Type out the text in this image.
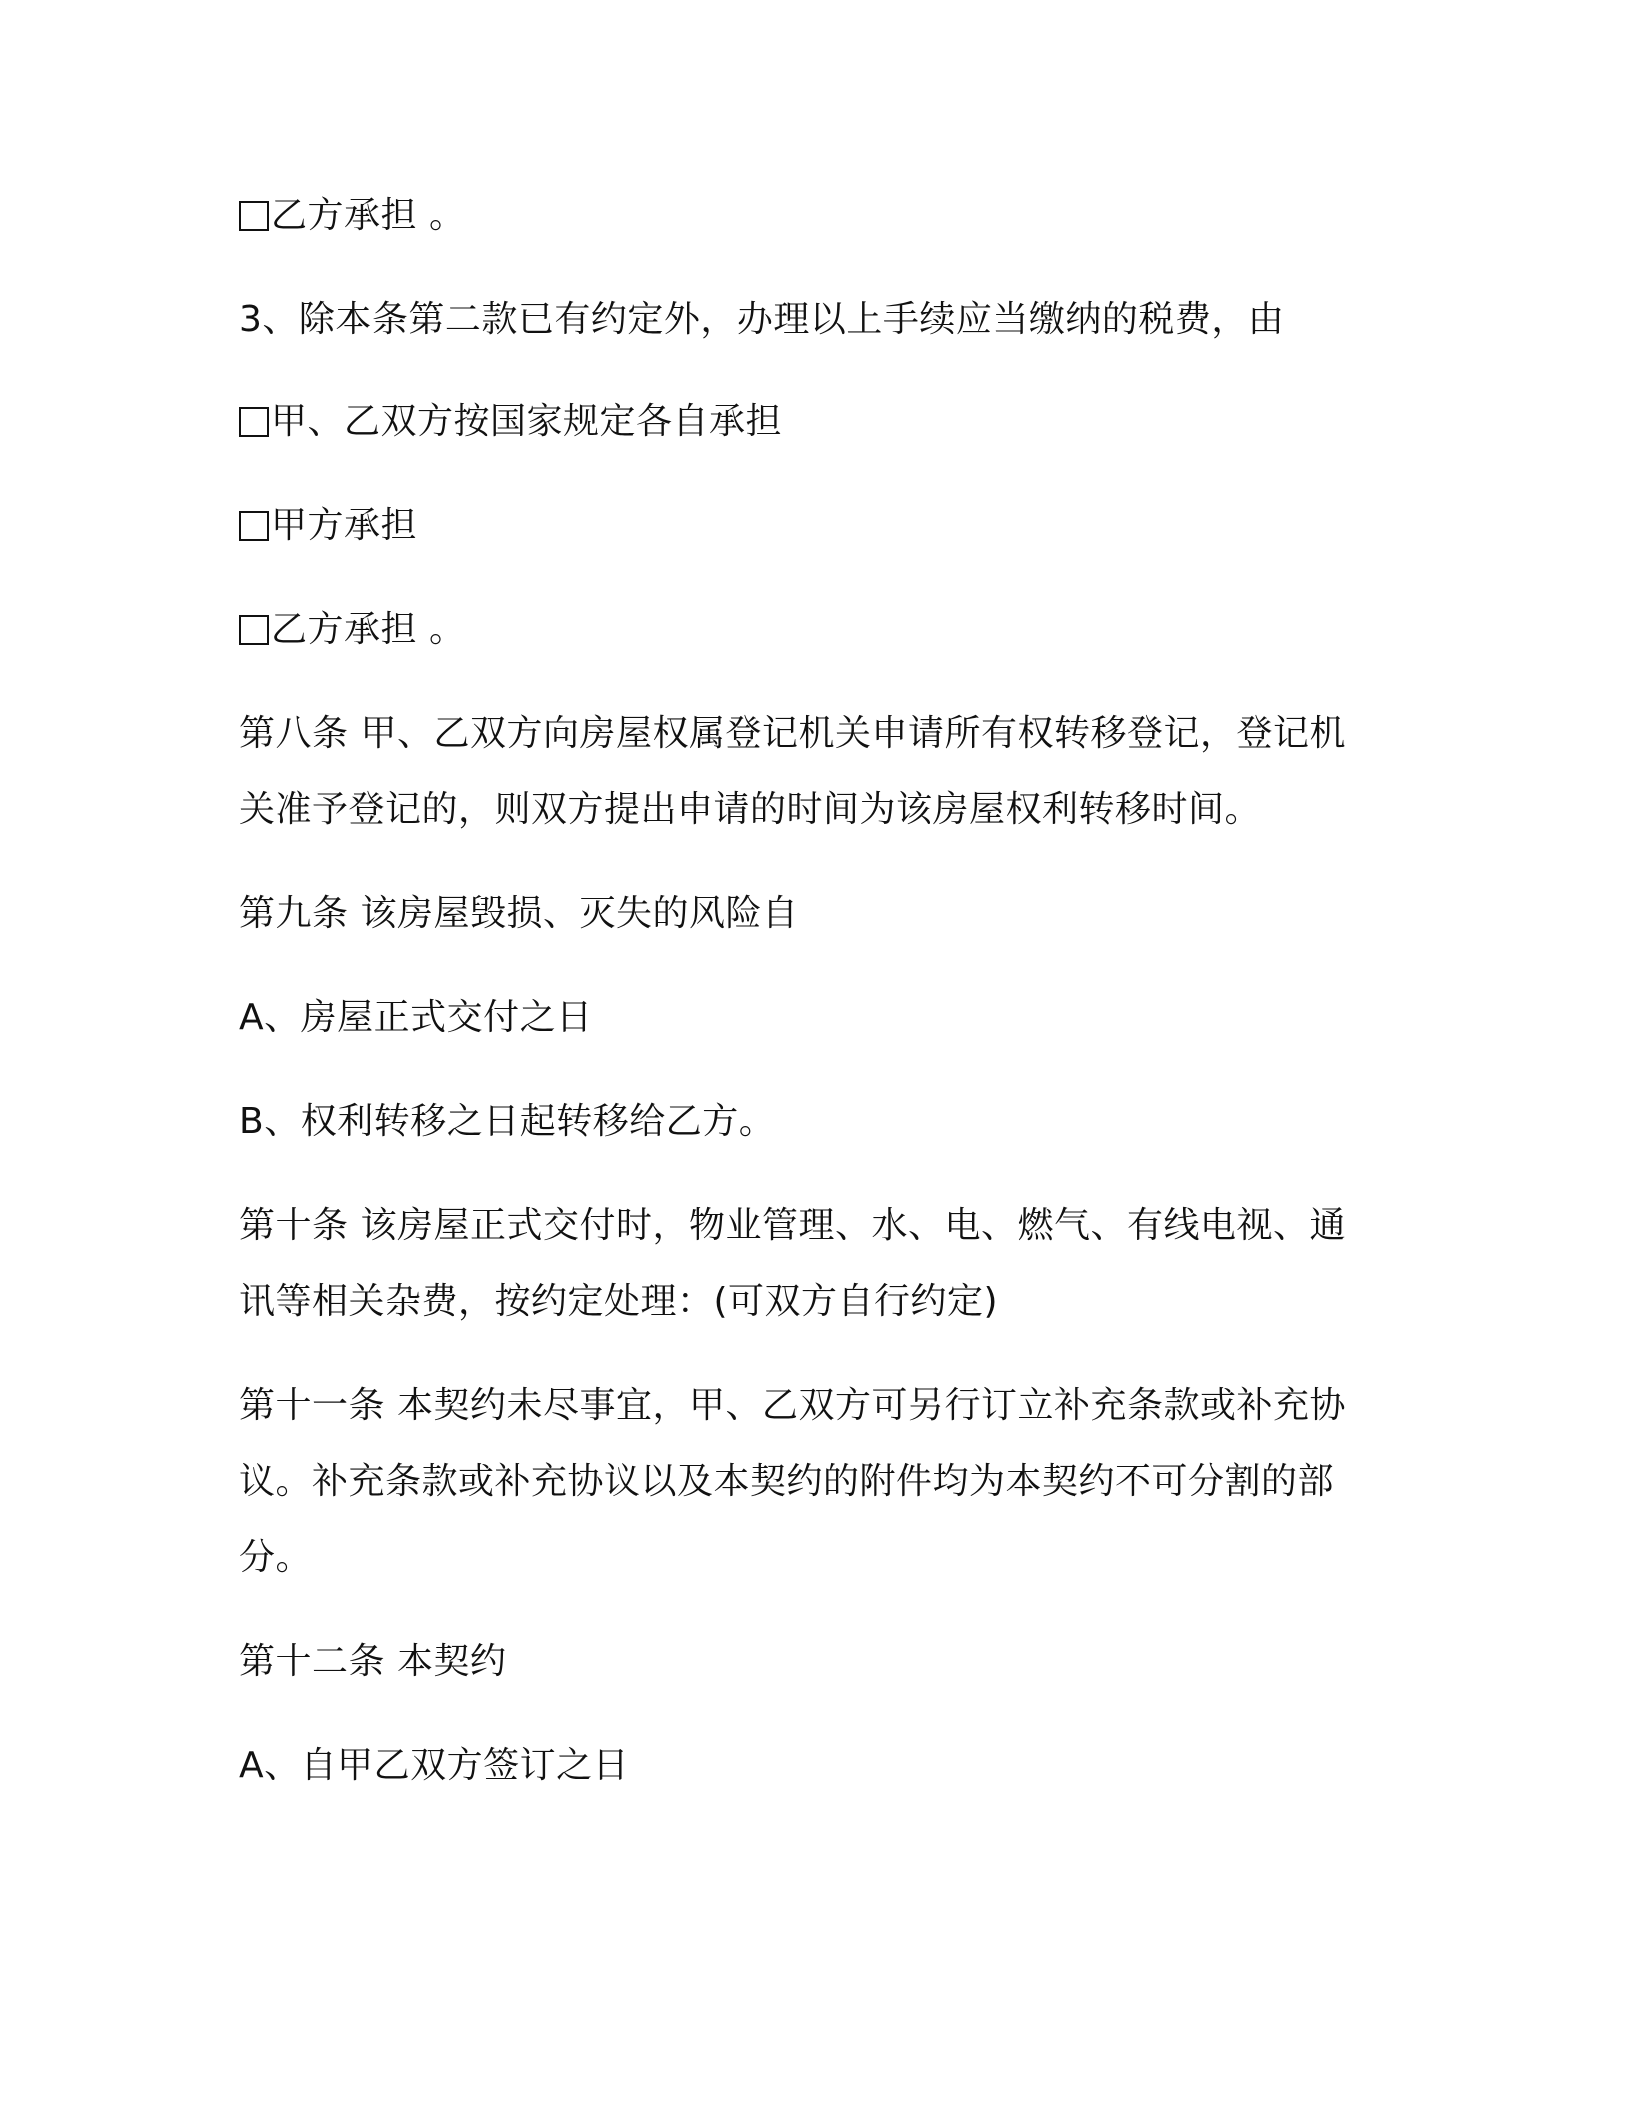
乙方承担 。
3、除本条第二款已有约定外，办理以上手续应当缴纳的税费，由
甲、乙双方按国家规定各自承担
甲方承担
乙方承担 。
第八条 甲、乙双方向房屋权属登记机关申请所有权转移登记，登记机
关准予登记的，则双方提出申请的时间为该房屋权利转移时间。
第九条 该房屋毁损、灭失的风险自
A、房屋正式交付之日
B、权利转移之日起转移给乙方。
第十条 该房屋正式交付时，物业管理、水、电、燃气、有线电视、通
讯等相关杂费，按约定处理：(可双方自行约定)
第十一条 本契约未尽事宜，甲、乙双方可另行订立补充条款或补充协
议。补充条款或补充协议以及本契约的附件均为本契约不可分割的部
分。
第十二条 本契约
A、自甲乙双方签订之日
